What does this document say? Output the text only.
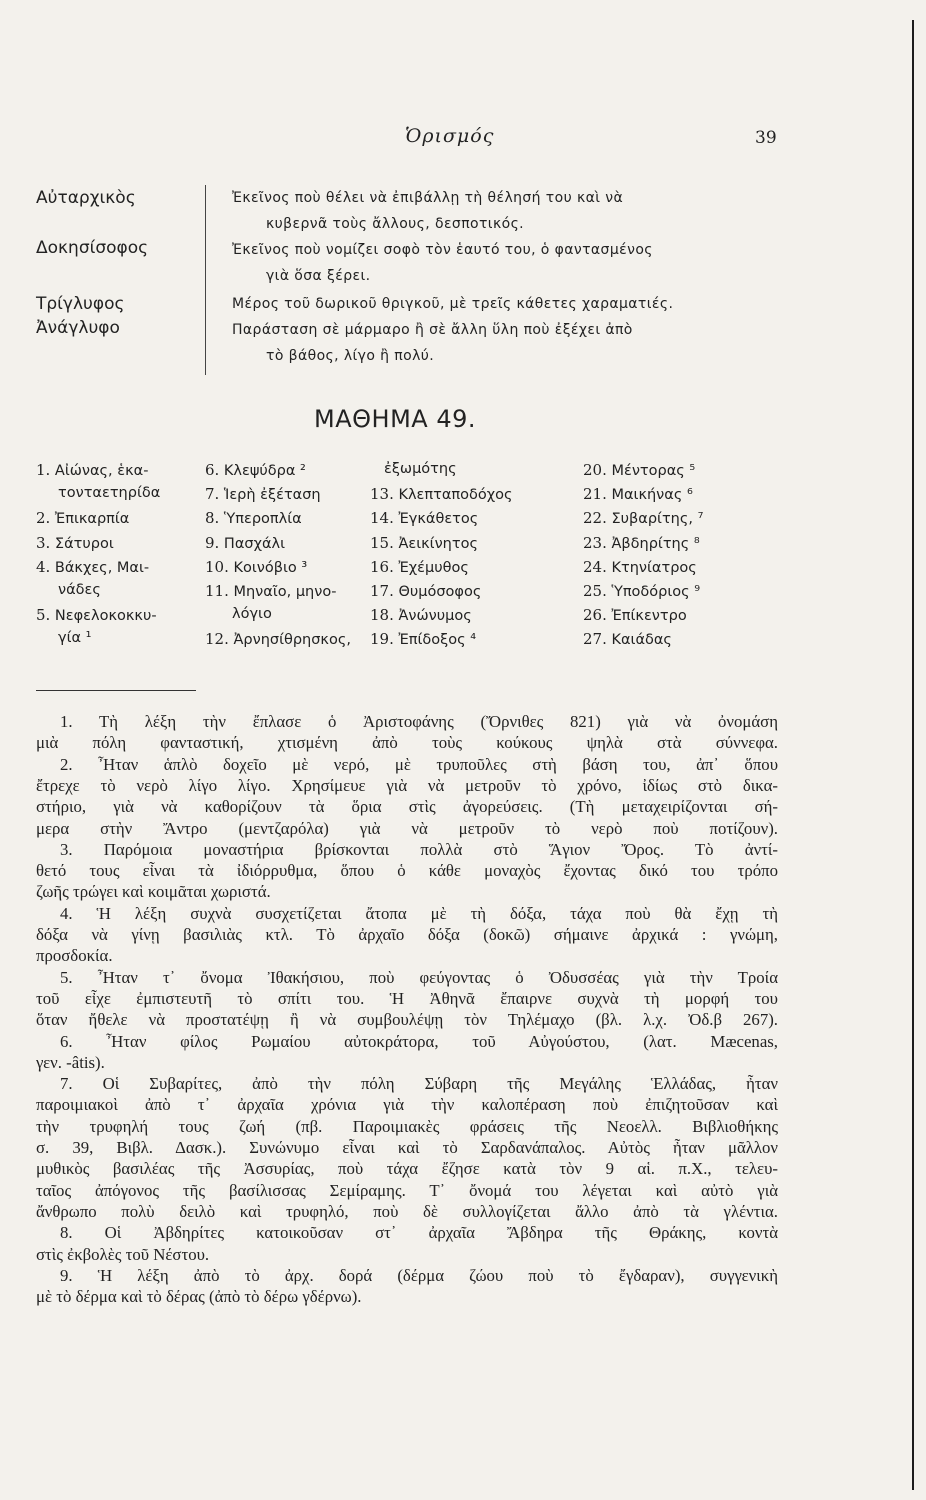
Ὁρισμός	39
Αὐταρχικὸς
Δοκησίσοφος
Τρίγλυφος
Ἀνάγλυφο
Ἐκεῖνος ποὺ θέλει νὰ ἐπιβάλλῃ τὴ θέλησή του καὶ νὰ
κυβερνᾶ τοὺς ἄλλους, δεσποτικός.
Ἐκεῖνος ποὺ νομίζει σοφὸ τὸν ἑαυτό του, ὁ φαντασμένος
γιὰ ὅσα ξέρει.
Μέρος τοῦ δωρικοῦ θριγκοῦ, μὲ τρεῖς κάθετες χαραματιές.
Παράσταση σὲ μάρμαρο ἢ σὲ ἄλλη ὕλη ποὺ ἐξέχει ἀπὸ
τὸ βάθος, λίγο ἢ πολύ.
ΜΑΘΗΜΑ 49.
1. Αἰώνας, ἑκα-
τονταετηρίδα
2. Ἐπικαρπία
3. Σάτυροι
4. Βάκχες, Μαι-
νάδες
5. Νεφελοκοκκυ-
γία ¹
6. Κλεψύδρα ²
7. Ἱερὴ ἐξέταση
8. Ὑπεροπλία
9. Πασχάλι
10. Κοινόβιο ³
11. Μηναῖο, μηνο-
λόγιο
12. Ἀρνησίθρησκος,
ἐξωμότης
13. Κλεπταποδόχος
14. Ἐγκάθετος
15. Ἀεικίνητος
16. Ἐχέμυθος
17. Θυμόσοφος
18. Ἀνώνυμος
19. Ἐπίδοξος ⁴
20. Μέντορας ⁵
21. Μαικήνας ⁶
22. Συβαρίτης, ⁷
23. Ἀβδηρίτης ⁸
24. Κτηνίατρος
25. Ὑποδόριος ⁹
26. Ἐπίκεντρο
27. Καιάδας
1. Τὴ λέξη τὴν ἔπλασε ὁ Ἀριστοφάνης (Ὄρνιθες 821) γιὰ νὰ ὀνομάση
μιὰ πόλη φανταστική, χτισμένη ἀπὸ τοὺς κούκους ψηλὰ στὰ σύννεφα.
2. Ἦταν ἁπλὸ δοχεῖο μὲ νερό, μὲ τρυποῦλες στὴ βάση του, ἀπ᾽ ὅπου
ἔτρεχε τὸ νερὸ λίγο λίγο. Χρησίμευε γιὰ νὰ μετροῦν τὸ χρόνο, ἰδίως στὸ δικα-
στήριο, γιὰ νὰ καθορίζουν τὰ ὅρια στὶς ἀγορεύσεις. (Τὴ μεταχειρίζονται σή-
μερα στὴν Ἄντρο (μεντζαρόλα) γιὰ νὰ μετροῦν τὸ νερὸ ποὺ ποτίζουν).
3. Παρόμοια μοναστήρια βρίσκονται πολλὰ στὸ Ἅγιον Ὄρος. Τὸ ἀντί-
θετό τους εἶναι τὰ ἰδιόρρυθμα, ὅπου ὁ κάθε μοναχὸς ἔχοντας δικό του τρόπο
ζωῆς τρώγει καὶ κοιμᾶται χωριστά.
4. Ἡ λέξη συχνὰ συσχετίζεται ἄτοπα μὲ τὴ δόξα, τάχα ποὺ θὰ ἔχῃ τὴ
δόξα νὰ γίνῃ βασιλιὰς κτλ. Τὸ ἀρχαῖο δόξα (δοκῶ) σήμαινε ἀρχικά : γνώμη,
προσδοκία.
5. Ἦταν τ᾽ ὄνομα Ἰθακήσιου, ποὺ φεύγοντας ὁ Ὀδυσσέας γιὰ τὴν Τροία
τοῦ εἶχε ἐμπιστευτῆ τὸ σπίτι του. Ἡ Ἀθηνᾶ ἔπαιρνε συχνὰ τὴ μορφή του
ὅταν ἤθελε νὰ προστατέψῃ ἢ νὰ συμβουλέψῃ τὸν Τηλέμαχο (βλ. λ.χ. Ὀδ.β 267).
6. Ἦταν φίλος Ρωμαίου αὐτοκράτορα, τοῦ Αὐγούστου, (λατ. Mæcenas,
γεν. -âtis).
7. Οἱ Συβαρίτες, ἀπὸ τὴν πόλη Σύβαρη τῆς Μεγάλης Ἑλλάδας, ἦταν
παροιμιακοὶ ἀπὸ τ᾽ ἀρχαῖα χρόνια γιὰ τὴν καλοπέραση ποὺ ἐπιζητοῦσαν καὶ
τὴν τρυφηλή τους ζωή (πβ. Παροιμιακὲς φράσεις τῆς Νεοελλ. Βιβλιοθήκης
σ. 39, Βιβλ. Δασκ.). Συνώνυμο εἶναι καὶ τὸ Σαρδανάπαλος. Αὐτὸς ἦταν μᾶλλον
μυθικὸς βασιλέας τῆς Ἀσσυρίας, ποὺ τάχα ἔζησε κατὰ τὸν 9 αἱ. π.Χ., τελευ-
ταῖος ἀπόγονος τῆς βασίλισσας Σεμίραμης. Τ᾽ ὄνομά του λέγεται καὶ αὐτὸ γιὰ
ἄνθρωπο πολὺ δειλὸ καὶ τρυφηλό, ποὺ δὲ συλλογίζεται ἄλλο ἀπὸ τὰ γλέντια.
8. Οἱ Ἀβδηρίτες κατοικοῦσαν στ᾽ ἀρχαῖα Ἄβδηρα τῆς Θράκης, κοντὰ
στὶς ἐκβολὲς τοῦ Νέστου.
9. Ἡ λέξη ἀπὸ τὸ ἀρχ. δορά (δέρμα ζώου ποὺ τὸ ἔγδαραν), συγγενικὴ
μὲ τὸ δέρμα καὶ τὸ δέρας (ἀπὸ τὸ δέρω γδέρνω).
